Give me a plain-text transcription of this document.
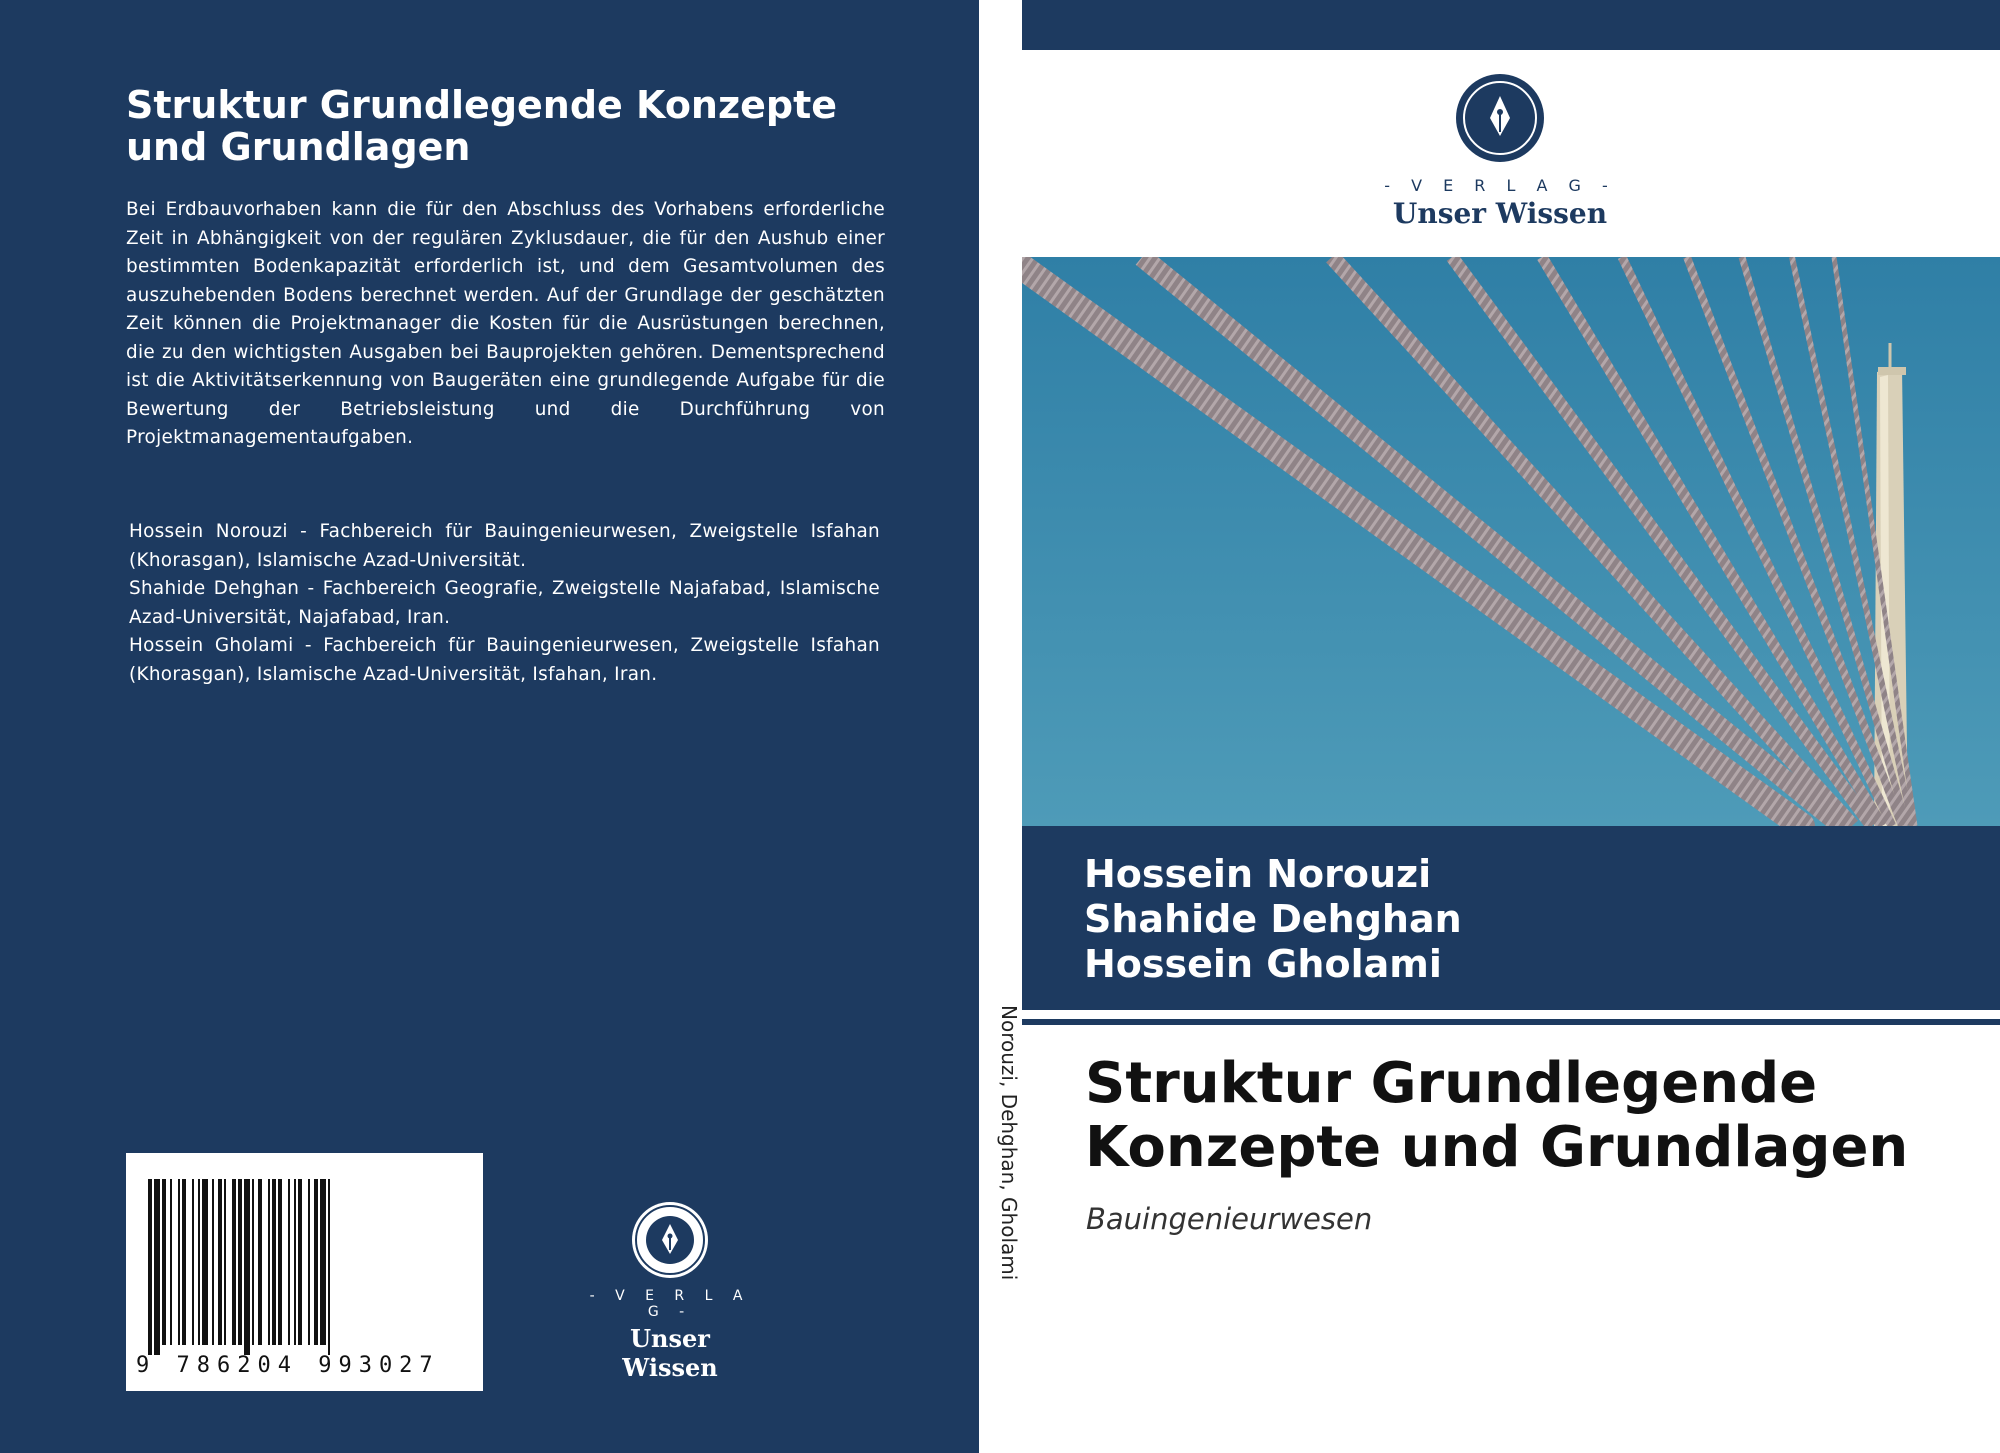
Struktur Grundlegende Konzepte und Grundlagen
Bei Erdbauvorhaben kann die für den Abschluss des Vorhabens erforderliche Zeit in Abhängigkeit von der regulären Zyklusdauer, die für den Aushub einer bestimmten Bodenkapazität erforderlich ist, und dem Gesamtvolumen des auszuhebenden Bodens berechnet werden. Auf der Grundlage der geschätzten Zeit können die Projektmanager die Kosten für die Ausrüstungen berechnen, die zu den wichtigsten Ausgaben bei Bauprojekten gehören. Dementsprechend ist die Aktivitätserkennung von Baugeräten eine grundlegende Aufgabe für die Bewertung der Betriebsleistung und die Durchführung von Projektmanagementaufgaben.

Hossein Norouzi - Fachbereich für Bauingenieurwesen, Zweigstelle Isfahan (Khorasgan), Islamische Azad-Universität.

Shahide Dehghan - Fachbereich Geografie, Zweigstelle Najafabad, Islamische Azad-Universität, Najafabad, Iran.

Hossein Gholami - Fachbereich für Bauingenieurwesen, Zweigstelle Isfahan (Khorasgan), Islamische Azad-Universität, Isfahan, Iran.

9 786204 993027
- V E R L A G -
Unser Wissen
Norouzi, Dehghan, Gholami
- V E R L A G -
Unser Wissen
Hossein Norouzi
Shahide Dehghan
Hossein Gholami
Struktur Grundlegende Konzepte und Grundlagen
Bauingenieurwesen
